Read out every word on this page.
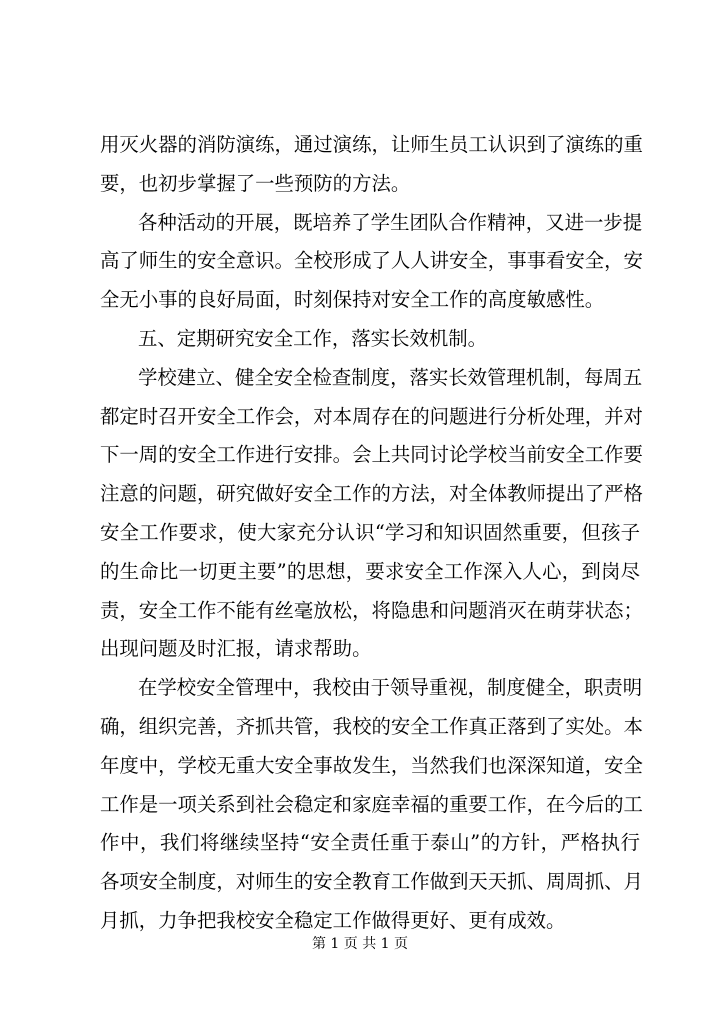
用灭火器的消防演练，通过演练，让师生员工认识到了演练的重
要，也初步掌握了一些预防的方法。
各种活动的开展，既培养了学生团队合作精神，又进一步提
高了师生的安全意识。全校形成了人人讲安全，事事看安全，安
全无小事的良好局面，时刻保持对安全工作的高度敏感性。
五、定期研究安全工作，落实长效机制。
学校建立、健全安全检查制度，落实长效管理机制，每周五
都定时召开安全工作会，对本周存在的问题进行分析处理，并对
下一周的安全工作进行安排。会上共同讨论学校当前安全工作要
注意的问题，研究做好安全工作的方法，对全体教师提出了严格
安全工作要求，使大家充分认识“学习和知识固然重要，但孩子
的生命比一切更主要”的思想，要求安全工作深入人心，到岗尽
责，安全工作不能有丝毫放松，将隐患和问题消灭在萌芽状态；
出现问题及时汇报，请求帮助。
在学校安全管理中，我校由于领导重视，制度健全，职责明
确，组织完善，齐抓共管，我校的安全工作真正落到了实处。本
年度中，学校无重大安全事故发生，当然我们也深深知道，安全
工作是一项关系到社会稳定和家庭幸福的重要工作，在今后的工
作中，我们将继续坚持“安全责任重于泰山”的方针，严格执行
各项安全制度，对师生的安全教育工作做到天天抓、周周抓、月
月抓，力争把我校安全稳定工作做得更好、更有成效。
第 1 页 共 1 页
